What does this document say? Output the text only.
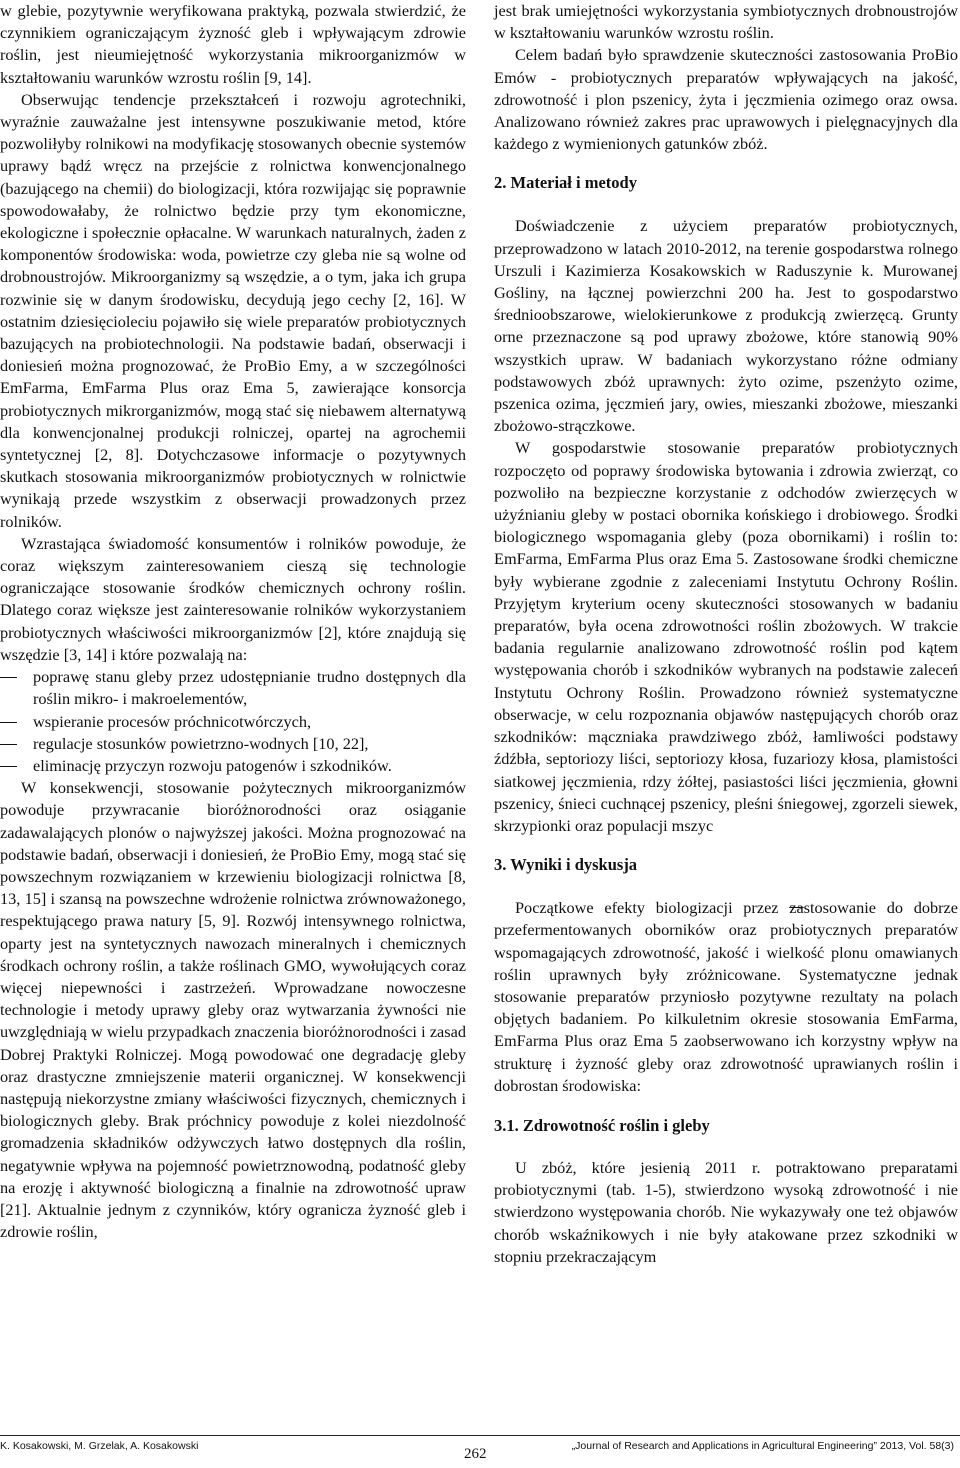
w glebie, pozytywnie weryfikowana praktyką, pozwala stwierdzić, że czynnikiem ograniczającym żyzność gleb i wpływającym zdrowie roślin, jest nieumiejętność wykorzystania mikroorganizmów w kształtowaniu warunków wzrostu roślin [9, 14].

Obserwując tendencje przekształceń i rozwoju agrotechniki, wyraźnie zauważalne jest intensywne poszukiwanie metod, które pozwoliłyby rolnikowi na modyfikację stosowanych obecnie systemów uprawy bądź wręcz na przejście z rolnictwa konwencjonalnego (bazującego na chemii) do biologizacji, która rozwijając się poprawnie spowodowałaby, że rolnictwo będzie przy tym ekonomiczne, ekologiczne i społecznie opłacalne. W warunkach naturalnych, żaden z komponentów środowiska: woda, powietrze czy gleba nie są wolne od drobnoustrojów. Mikroorganizmy są wszędzie, a o tym, jaka ich grupa rozwinie się w danym środowisku, decydują jego cechy [2, 16]. W ostatnim dziesięcioleciu pojawiło się wiele preparatów probiotycznych bazujących na probiotechnologii. Na podstawie badań, obserwacji i doniesień można prognozować, że ProBio Emy, a w szczególności EmFarma, EmFarma Plus oraz Ema 5, zawierające konsorcja probiotycznych mikrorganizmów, mogą stać się niebawem alternatywą dla konwencjonalnej produkcji rolniczej, opartej na agrochemii syntetycznej [2, 8]. Dotychczasowe informacje o pozytywnych skutkach stosowania mikroorganizmów probiotycznych w rolnictwie wynikają przede wszystkim z obserwacji prowadzonych przez rolników.

Wzrastająca świadomość konsumentów i rolników powoduje, że coraz większym zainteresowaniem cieszą się technologie ograniczające stosowanie środków chemicznych ochrony roślin. Dlatego coraz większe jest zainteresowanie rolników wykorzystaniem probiotycznych właściwości mikroorganizmów [2], które znajdują się wszędzie [3, 14] i które pozwalają na:

poprawę stanu gleby przez udostępnianie trudno dostępnych dla roślin mikro- i makroelementów,
wspieranie procesów próchnicotwórczych,
regulacje stosunków powietrzno-wodnych [10, 22],
eliminację przyczyn rozwoju patogenów i szkodników.

W konsekwencji, stosowanie pożytecznych mikroorganizmów powoduje przywracanie bioróżnorodności oraz osiąganie zadawalających plonów o najwyższej jakości. Można prognozować na podstawie badań, obserwacji i doniesień, że ProBio Emy, mogą stać się powszechnym rozwiązaniem w krzewieniu biologizacji rolnictwa [8, 13, 15] i szansą na powszechne wdrożenie rolnictwa zrównoważonego, respektującego prawa natury [5, 9]. Rozwój intensywnego rolnictwa, oparty jest na syntetycznych nawozach mineralnych i chemicznych środkach ochrony roślin, a także roślinach GMO, wywołujących coraz więcej niepewności i zastrzeżeń. Wprowadzane nowoczesne technologie i metody uprawy gleby oraz wytwarzania żywności nie uwzględniają w wielu przypadkach znaczenia bioróżnorodności i zasad Dobrej Praktyki Rolniczej. Mogą powodować one degradację gleby oraz drastyczne zmniejszenie materii organicznej. W konsekwencji następują niekorzystne zmiany właściwości fizycznych, chemicznych i biologicznych gleby. Brak próchnicy powoduje z kolei niezdolność gromadzenia składników odżywczych łatwo dostępnych dla roślin, negatywnie wpływa na pojemność powietrznowodną, podatność gleby na erozję i aktywność biologiczną a finalnie na zdrowotność upraw [21]. Aktualnie jednym z czynników, który ogranicza żyzność gleb i zdrowie roślin,

jest brak umiejętności wykorzystania symbiotycznych drobnoustrojów w kształtowaniu warunków wzrostu roślin.

Celem badań było sprawdzenie skuteczności zastosowania ProBio Emów - probiotycznych preparatów wpływających na jakość, zdrowotność i plon pszenicy, żyta i jęczmienia ozimego oraz owsa. Analizowano również zakres prac uprawowych i pielęgnacyjnych dla każdego z wymienionych gatunków zbóż.

2. Materiał i metody

Doświadczenie z użyciem preparatów probiotycznych, przeprowadzono w latach 2010-2012, na terenie gospodarstwa rolnego Urszuli i Kazimierza Kosakowskich w Raduszynie k. Murowanej Gośliny, na łącznej powierzchni 200 ha. Jest to gospodarstwo średnioobszarowe, wielokierunkowe z produkcją zwierzęcą. Grunty orne przeznaczone są pod uprawy zbożowe, które stanowią 90% wszystkich upraw. W badaniach wykorzystano różne odmiany podstawowych zbóż uprawnych: żyto ozime, pszenżyto ozime, pszenica ozima, jęczmień jary, owies, mieszanki zbożowe, mieszanki zbożowo-strączkowe.

W gospodarstwie stosowanie preparatów probiotycznych rozpoczęto od poprawy środowiska bytowania i zdrowia zwierząt, co pozwoliło na bezpieczne korzystanie z odchodów zwierzęcych w użyźnianiu gleby w postaci obornika końskiego i drobiowego. Środki biologicznego wspomagania gleby (poza obornikami) i roślin to: EmFarma, EmFarma Plus oraz Ema 5. Zastosowane środki chemiczne były wybierane zgodnie z zaleceniami Instytutu Ochrony Roślin. Przyjętym kryterium oceny skuteczności stosowanych w badaniu preparatów, była ocena zdrowotności roślin zbożowych. W trakcie badania regularnie analizowano zdrowotność roślin pod kątem występowania chorób i szkodników wybranych na podstawie zaleceń Instytutu Ochrony Roślin. Prowadzono również systematyczne obserwacje, w celu rozpoznania objawów następujących chorób oraz szkodników: mączniaka prawdziwego zbóż, łamliwości podstawy źdźbła, septoriozy liści, septoriozy kłosa, fuzariozy kłosa, plamistości siatkowej jęczmienia, rdzy żółtej, pasiastości liści jęczmienia, głowni pszenicy, śnieci cuchnącej pszenicy, pleśni śniegowej, zgorzeli siewek, skrzypionki oraz populacji mszyc

3. Wyniki i dyskusja

Początkowe efekty biologizacji przez zastosowanie do dobrze przefermentowanych oborników oraz probiotycznych preparatów wspomagających zdrowotność, jakość i wielkość plonu omawianych roślin uprawnych były zróżnicowane. Systematyczne jednak stosowanie preparatów przyniosło pozytywne rezultaty na polach objętych badaniem. Po kilkuletnim okresie stosowania EmFarma, EmFarma Plus oraz Ema 5 zaobserwowano ich korzystny wpływ na strukturę i żyzność gleby oraz zdrowotność uprawianych roślin i dobrostan środowiska:

3.1. Zdrowotność roślin i gleby

U zbóż, które jesienią 2011 r. potraktowano preparatami probiotycznymi (tab. 1-5), stwierdzono wysoką zdrowotność i nie stwierdzono występowania chorób. Nie wykazywały one też objawów chorób wskaźnikowych i nie były atakowane przez szkodniki w stopniu przekraczającym

K. Kosakowski, M. Grzelak, A. Kosakowski	262	„Journal of Research and Applications in Agricultural Engineering” 2013, Vol. 58(3)
